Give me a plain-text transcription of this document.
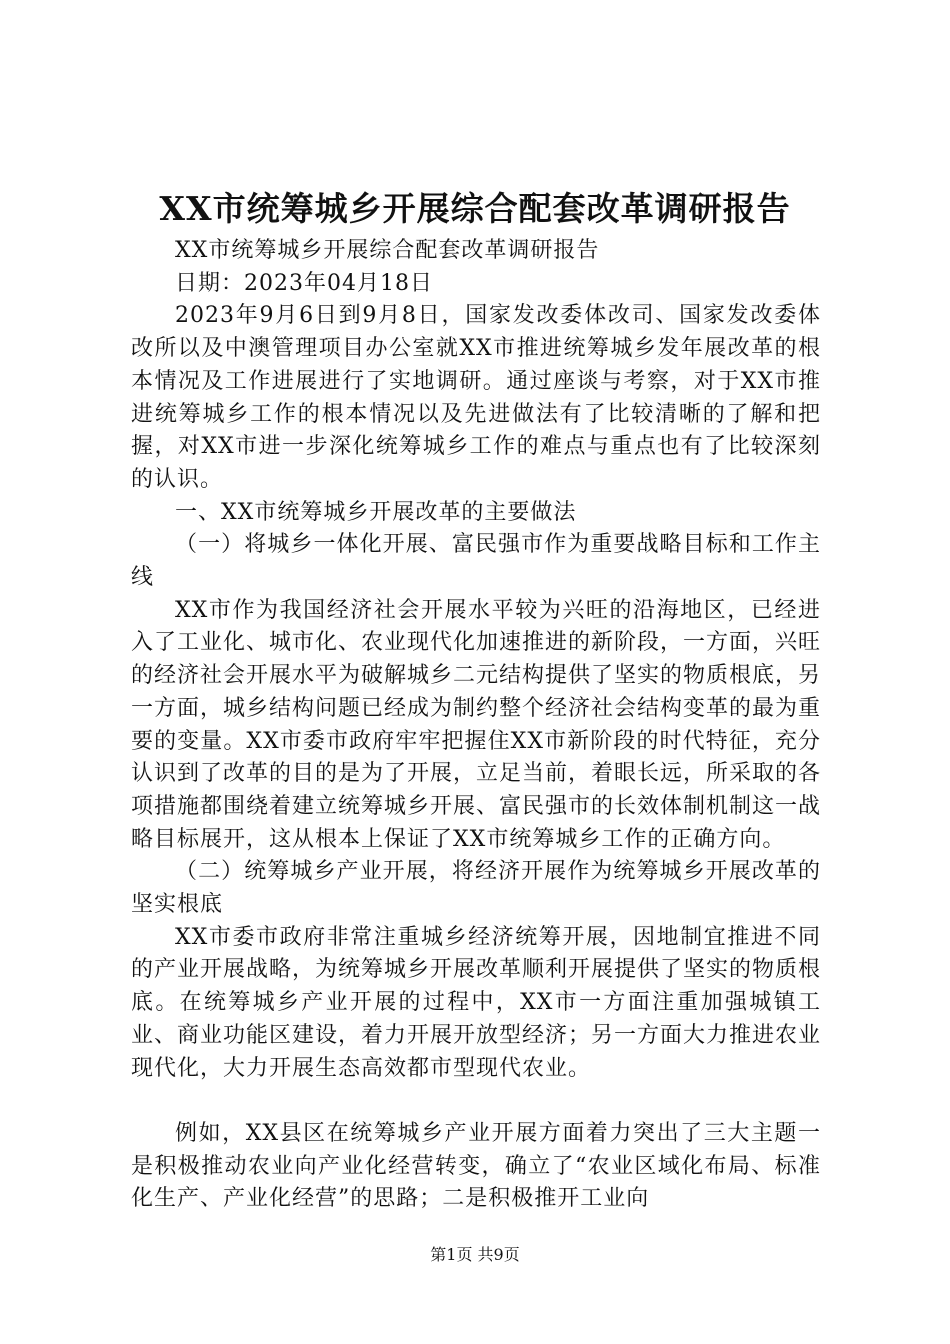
XX市统筹城乡开展综合配套改革调研报告

XX市统筹城乡开展综合配套改革调研报告

日期：2023年04月18日

2023年9月6日到9月8日，国家发改委体改司、国家发改委体改所以及中澳管理项目办公室就XX市推进统筹城乡发年展改革的根本情况及工作进展进行了实地调研。通过座谈与考察，对于XX市推进统筹城乡工作的根本情况以及先进做法有了比较清晰的了解和把握，对XX市进一步深化统筹城乡工作的难点与重点也有了比较深刻的认识。

一、XX市统筹城乡开展改革的主要做法

（一）将城乡一体化开展、富民强市作为重要战略目标和工作主线

XX市作为我国经济社会开展水平较为兴旺的沿海地区，已经进入了工业化、城市化、农业现代化加速推进的新阶段，一方面，兴旺的经济社会开展水平为破解城乡二元结构提供了坚实的物质根底，另一方面，城乡结构问题已经成为制约整个经济社会结构变革的最为重要的变量。XX市委市政府牢牢把握住XX市新阶段的时代特征，充分认识到了改革的目的是为了开展，立足当前，着眼长远，所采取的各项措施都围绕着建立统筹城乡开展、富民强市的长效体制机制这一战略目标展开，这从根本上保证了XX市统筹城乡工作的正确方向。

（二）统筹城乡产业开展，将经济开展作为统筹城乡开展改革的坚实根底

XX市委市政府非常注重城乡经济统筹开展，因地制宜推进不同的产业开展战略，为统筹城乡开展改革顺利开展提供了坚实的物质根底。在统筹城乡产业开展的过程中，XX市一方面注重加强城镇工业、商业功能区建设，着力开展开放型经济；另一方面大力推进农业现代化，大力开展生态高效都市型现代农业。

例如，XX县区在统筹城乡产业开展方面着力突出了三大主题一是积极推动农业向产业化经营转变，确立了“农业区域化布局、标准化生产、产业化经营”的思路；二是积极推开工业向

第1页 共9页
